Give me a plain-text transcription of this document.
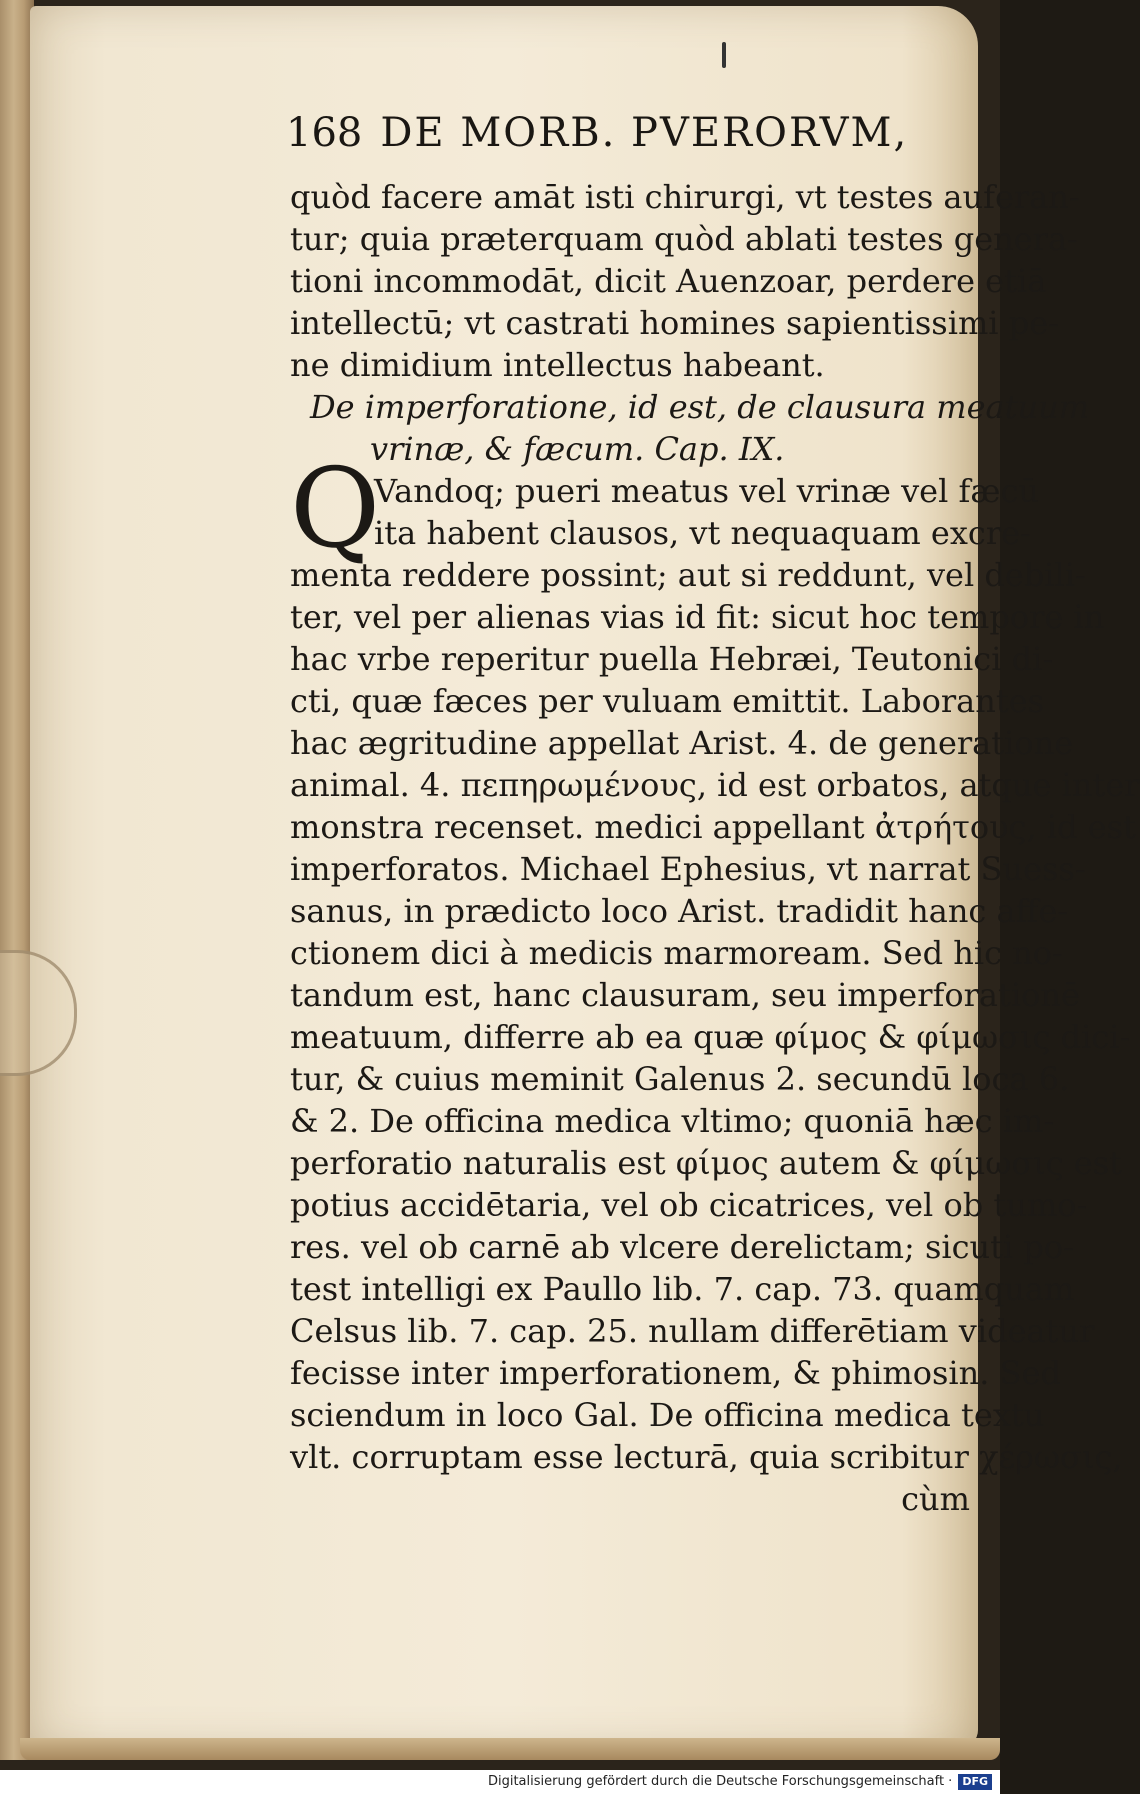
168 DE MORB. PVERORVM,
quòd facere amāt isti chirurgi, vt testes auferan-
tur; quia præterquam quòd ablati testes genera-
tioni incommodāt, dicit Auenzoar, perdere etiā
intellectū; vt castrati homines sapientissimi pe-
ne dimidium intellectus habeant.
De imperforatione, id est, de clausura meatuum
vrinæ, & fæcum. Cap. IX.
Q
Vandoq; pueri meatus vel vrinæ vel fæcū
ita habent clausos, vt nequaquam excre-
menta reddere possint; aut si reddunt, vel debili-
ter, vel per alienas vias id fit: sicut hoc tempore in
hac vrbe reperitur puella Hebræi, Teutonici di-
cti, quæ fæces per vuluam emittit. Laborantes
hac ægritudine appellat Arist. 4. de generatione
animal. 4. πεπηρωμένους, id est orbatos, atque inter
monstra recenset. medici appellant ἀτρήτους, id est
imperforatos. Michael Ephesius, vt narrat Suess-
sanus, in prædicto loco Arist. tradidit hanc affe-
ctionem dici à medicis marmoream. Sed hic no-
tandum est, hanc clausuram, seu imperforationē
meatuum, differre ab ea quæ φίμος & φίμωσις dici-
tur, & cuius meminit Galenus 2. secundū loca 6.
& 2. De officina medica vltimo; quoniā hæc im-
perforatio naturalis est φίμος autem & φίμωσις est
potius accidētaria, vel ob cicatrices, vel ob tumo-
res. vel ob carnē ab vlcere derelictam; sicuti po-
test intelligi ex Paullo lib. 7. cap. 73. quamquam
Celsus lib. 7. cap. 25. nullam differētiam videatur
fecisse inter imperforationem, & phimosin. Sed
sciendum in loco Gal. De officina medica textu
vlt. corruptam esse lecturā, quia scribitur χέρωσις,
cùm
Digitalisierung gefördert durch die Deutsche Forschungsgemeinschaft · DFG
